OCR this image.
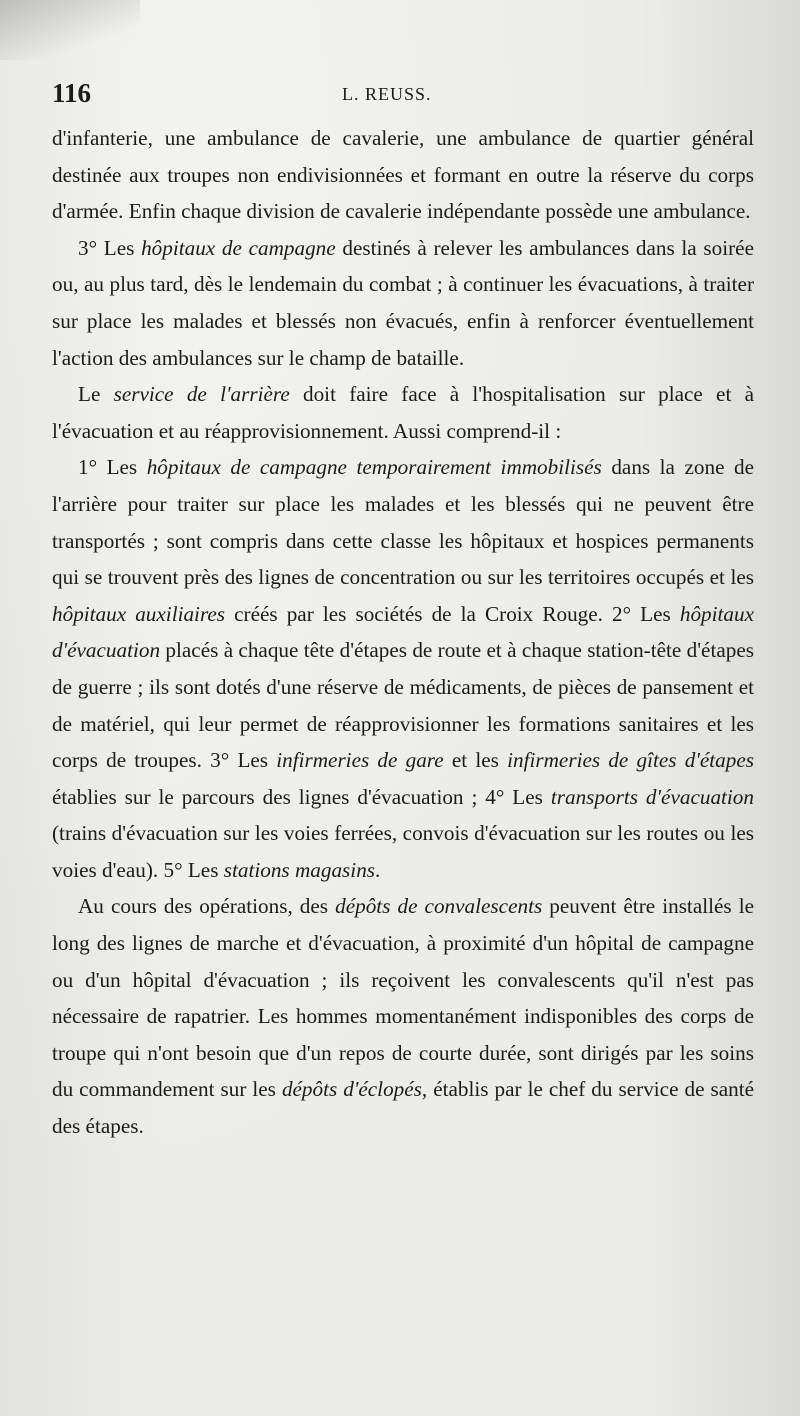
116	L. REUSS.

d'infanterie, une ambulance de cavalerie, une ambulance de quartier général destinée aux troupes non endivisionnées et formant en outre la réserve du corps d'armée. Enfin chaque division de cavalerie indépendante possède une ambulance.

3° Les hôpitaux de campagne destinés à relever les ambulances dans la soirée ou, au plus tard, dès le lendemain du combat ; à continuer les évacuations, à traiter sur place les malades et blessés non évacués, enfin à renforcer éventuellement l'action des ambulances sur le champ de bataille.

Le service de l'arrière doit faire face à l'hospitalisation sur place et à l'évacuation et au réapprovisionnement. Aussi comprend-il :

1° Les hôpitaux de campagne temporairement immobilisés dans la zone de l'arrière pour traiter sur place les malades et les blessés qui ne peuvent être transportés ; sont compris dans cette classe les hôpitaux et hospices permanents qui se trouvent près des lignes de concentration ou sur les territoires occupés et les hôpitaux auxiliaires créés par les sociétés de la Croix Rouge. 2° Les hôpitaux d'évacuation placés à chaque tête d'étapes de route et à chaque station-tête d'étapes de guerre ; ils sont dotés d'une réserve de médicaments, de pièces de pansement et de matériel, qui leur permet de réapprovisionner les formations sanitaires et les corps de troupes. 3° Les infirmeries de gare et les infirmeries de gîtes d'étapes établies sur le parcours des lignes d'évacuation ; 4° Les transports d'évacuation (trains d'évacuation sur les voies ferrées, convois d'évacuation sur les routes ou les voies d'eau). 5° Les stations magasins.

Au cours des opérations, des dépôts de convalescents peuvent être installés le long des lignes de marche et d'évacuation, à proximité d'un hôpital de campagne ou d'un hôpital d'évacuation ; ils reçoivent les convalescents qu'il n'est pas nécessaire de rapatrier. Les hommes momentanément indisponibles des corps de troupe qui n'ont besoin que d'un repos de courte durée, sont dirigés par les soins du commandement sur les dépôts d'éclopés, établis par le chef du service de santé des étapes.
